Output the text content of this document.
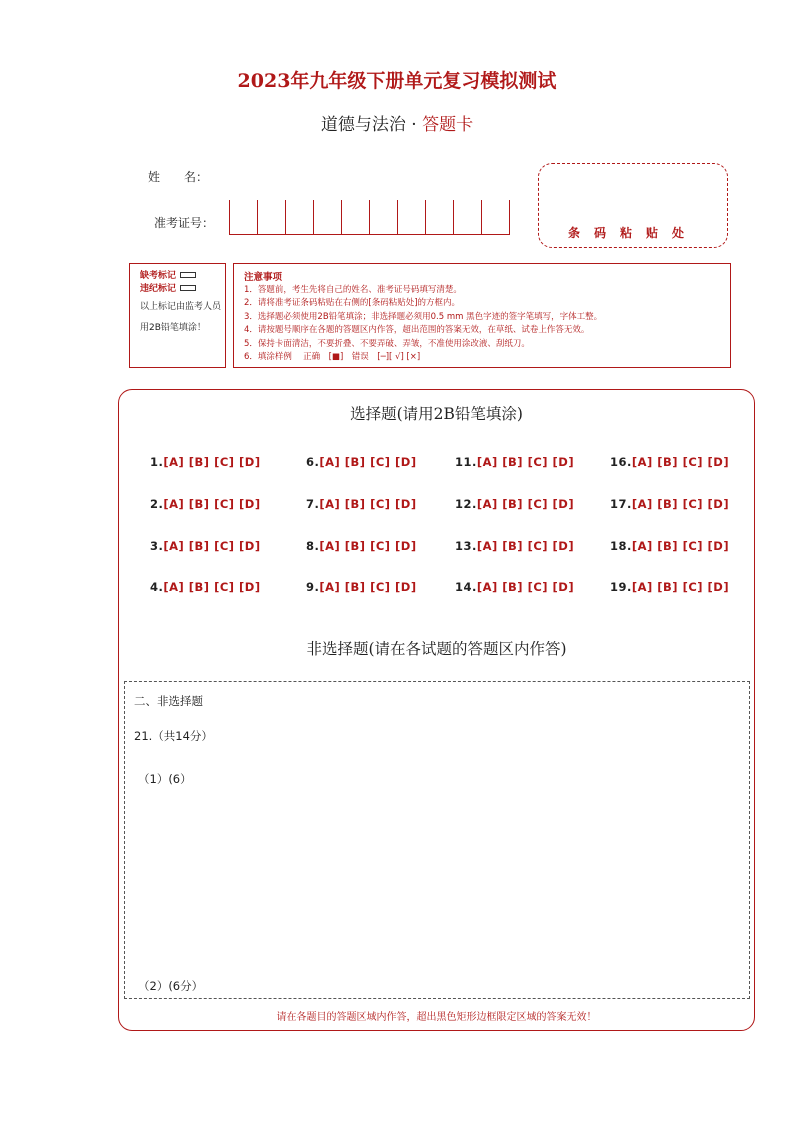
2023年九年级下册单元复习模拟测试
道德与法治 · 答题卡
姓　　名：
准考证号：
条码粘贴处
缺考标记
违纪标记
以上标记由监考人员用2B铅笔填涂！
注意事项
1．答题前，考生先将自己的姓名、准考证号码填写清楚。
2．请将准考证条码粘贴在右侧的[条码粘贴处]的方框内。
3．选择题必须使用2B铅笔填涂；非选择题必须用0.5 mm 黑色字迹的签字笔填写，字体工整。
4．请按题号顺序在各题的答题区内作答，超出范围的答案无效，在草纸、试卷上作答无效。
5．保持卡面清洁，不要折叠、不要弄破、弄皱，不准使用涂改液、刮纸刀。
6．填涂样例　 正确　[■]　错误　[─][ √] [×]
选择题(请用2B铅笔填涂)
1.[A] [B] [C] [D]	6.[A] [B] [C] [D]	11.[A] [B] [C] [D]	16.[A] [B] [C] [D]
2.[A] [B] [C] [D]	7.[A] [B] [C] [D]	12.[A] [B] [C] [D]	17.[A] [B] [C] [D]
3.[A] [B] [C] [D]	8.[A] [B] [C] [D]	13.[A] [B] [C] [D]	18.[A] [B] [C] [D]
4.[A] [B] [C] [D]	9.[A] [B] [C] [D]	14.[A] [B] [C] [D]	19.[A] [B] [C] [D]
非选择题(请在各试题的答题区内作答)
二、非选择题
21.（共14分）
（1）(6）
（2）(6分）
请在各题目的答题区域内作答，超出黑色矩形边框限定区域的答案无效！
